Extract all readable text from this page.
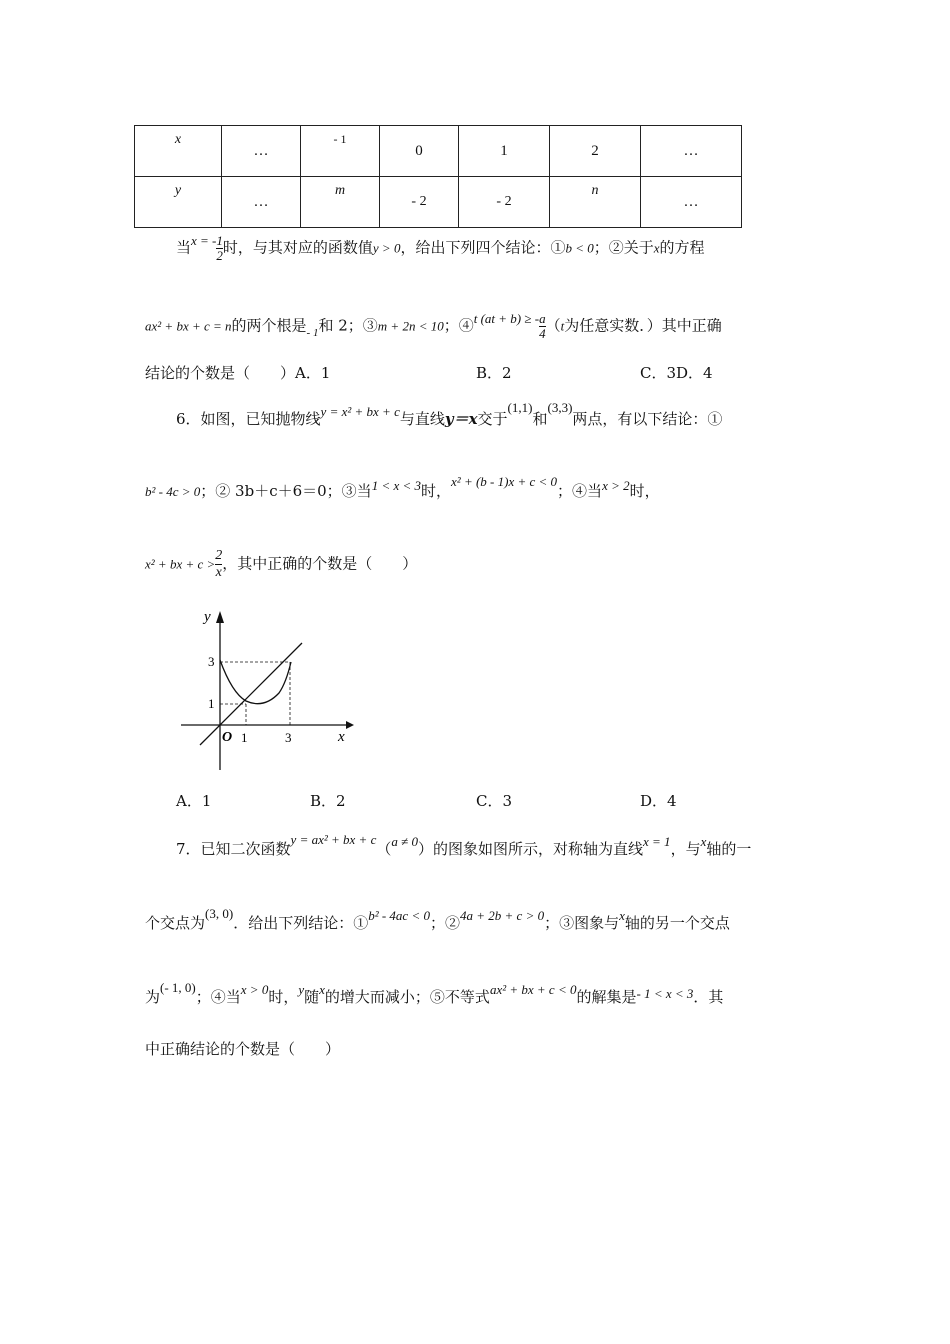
x	…	- 1	0	1	2	…
y	…	m	- 2	- 2	n	…
当x = - $\frac{1}{2}$ 时，与其对应的函数值y > 0，给出下列四个结论：①b < 0；②关于x的方程
ax² + bx + c = n的两个根是$_{- 1}$和 2；③m + 2n < 10；④t (at + b) ≥ - $\frac{a}{4} (t$为任意实数．）其中正确
结论的个数是（　　）A．1	B．2	C．3D．4
6．如图，已知抛物线y = x² + bx + c与直线y＝x交于(1,1)和(3,3)两点，有以下结论：①
b² - 4c > 0；② 3b＋c＋6＝0；③当1 < x < 3时，x² + (b - 1)x + c < 0；④当x > 2时，
x² + bx + $c > \frac{2}{x}$ ，其中正确的个数是（　　）
y
x
O 1	3
1
3
A．1	B．2	C．3	D．4
7．已知二次函数y = ax² + bx + c（a ≠ 0）的图象如图所示，对称轴为直线x = 1，与x轴的一
个交点为(3, 0)．给出下列结论：①b² - 4ac < 0；②4a + 2b + c > 0；③图象与x轴的另一个交点
为(- 1, 0)；④当x > 0时，y随x的增大而减小；⑤不等式ax² + bx + c < 0的解集是- 1 < x < 3．其
中正确结论的个数是（　　）
